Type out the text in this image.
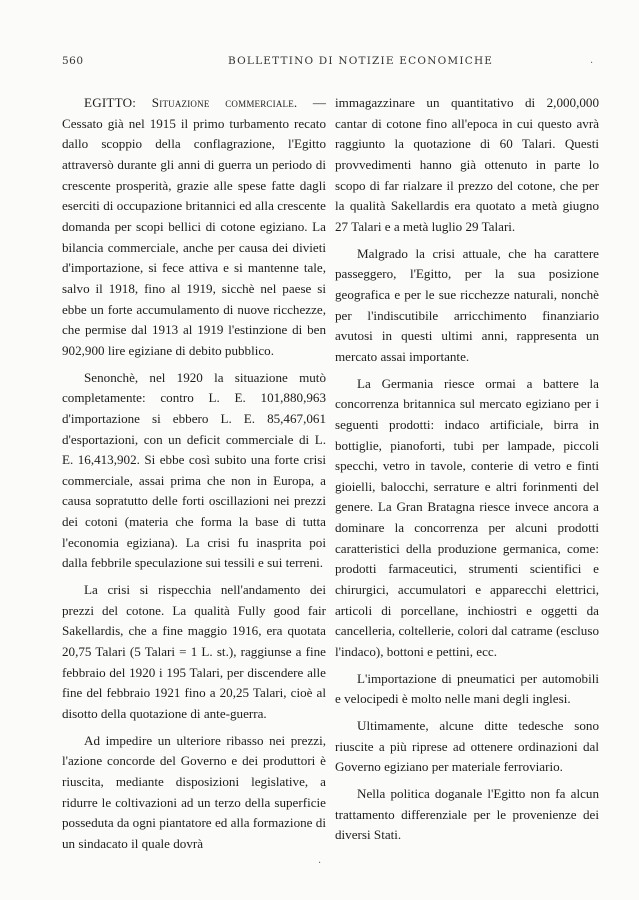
560	BOLLETTINO DI NOTIZIE ECONOMICHE

EGITTO: Situazione commerciale. — Cessato già nel 1915 il primo turbamento recato dallo scoppio della conflagrazione, l'Egitto attraversò durante gli anni di guerra un periodo di crescente prosperità, grazie alle spese fatte dagli eserciti di occupazione britannici ed alla crescente domanda per scopi bellici di cotone egiziano. La bilancia commerciale, anche per causa dei divieti d'importazione, si fece attiva e si mantenne tale, salvo il 1918, fino al 1919, sicchè nel paese si ebbe un forte accumulamento di nuove ricchezze, che permise dal 1913 al 1919 l'estinzione di ben 902,900 lire egiziane di debito pubblico.

Senonchè, nel 1920 la situazione mutò completamente: contro L. E. 101,880,963 d'importazione si ebbero L. E. 85,467,061 d'esportazioni, con un deficit commerciale di L. E. 16,413,902. Si ebbe così subito una forte crisi commerciale, assai prima che non in Europa, a causa sopratutto delle forti oscillazioni nei prezzi dei cotoni (materia che forma la base di tutta l'economia egiziana). La crisi fu inasprita poi dalla febbrile speculazione sui tessili e sui terreni.

La crisi si rispecchia nell'andamento dei prezzi del cotone. La qualità Fully good fair Sakellardis, che a fine maggio 1916, era quotata 20,75 Talari (5 Talari = 1 L. st.), raggiunse a fine febbraio del 1920 i 195 Talari, per discendere alle fine del febbraio 1921 fino a 20,25 Talari, cioè al disotto della quotazione di ante-guerra.

Ad impedire un ulteriore ribasso nei prezzi, l'azione concorde del Governo e dei produttori è riuscita, mediante disposizioni legislative, a ridurre le coltivazioni ad un terzo della superficie posseduta da ogni piantatore ed alla formazione di un sindacato il quale dovrà

immagazzinare un quantitativo di 2,000,000 cantar di cotone fino all'epoca in cui questo avrà raggiunto la quotazione di 60 Talari. Questi provvedimenti hanno già ottenuto in parte lo scopo di far rialzare il prezzo del cotone, che per la qualità Sakellardis era quotato a metà giugno 27 Talari e a metà luglio 29 Talari.

Malgrado la crisi attuale, che ha carattere passeggero, l'Egitto, per la sua posizione geografica e per le sue ricchezze naturali, nonchè per l'indiscutibile arricchimento finanziario avutosi in questi ultimi anni, rappresenta un mercato assai importante.

La Germania riesce ormai a battere la concorrenza britannica sul mercato egiziano per i seguenti prodotti: indaco artificiale, birra in bottiglie, pianoforti, tubi per lampade, piccoli specchi, vetro in tavole, conterie di vetro e finti gioielli, balocchi, serrature e altri forinmenti del genere. La Gran Bratagna riesce invece ancora a dominare la concorrenza per alcuni prodotti caratteristici della produzione germanica, come: prodotti farmaceutici, strumenti scientifici e chirurgici, accumulatori e apparecchi elettrici, articoli di porcellane, inchiostri e oggetti da cancelleria, coltellerie, colori dal catrame (escluso l'indaco), bottoni e pettini, ecc.

L'importazione di pneumatici per automobili e velocipedi è molto nelle mani degli inglesi.

Ultimamente, alcune ditte tedesche sono riuscite a più riprese ad ottenere ordinazioni dal Governo egiziano per materiale ferroviario.

Nella politica doganale l'Egitto non fa alcun trattamento differenziale per le provenienze dei diversi Stati.

·
·
